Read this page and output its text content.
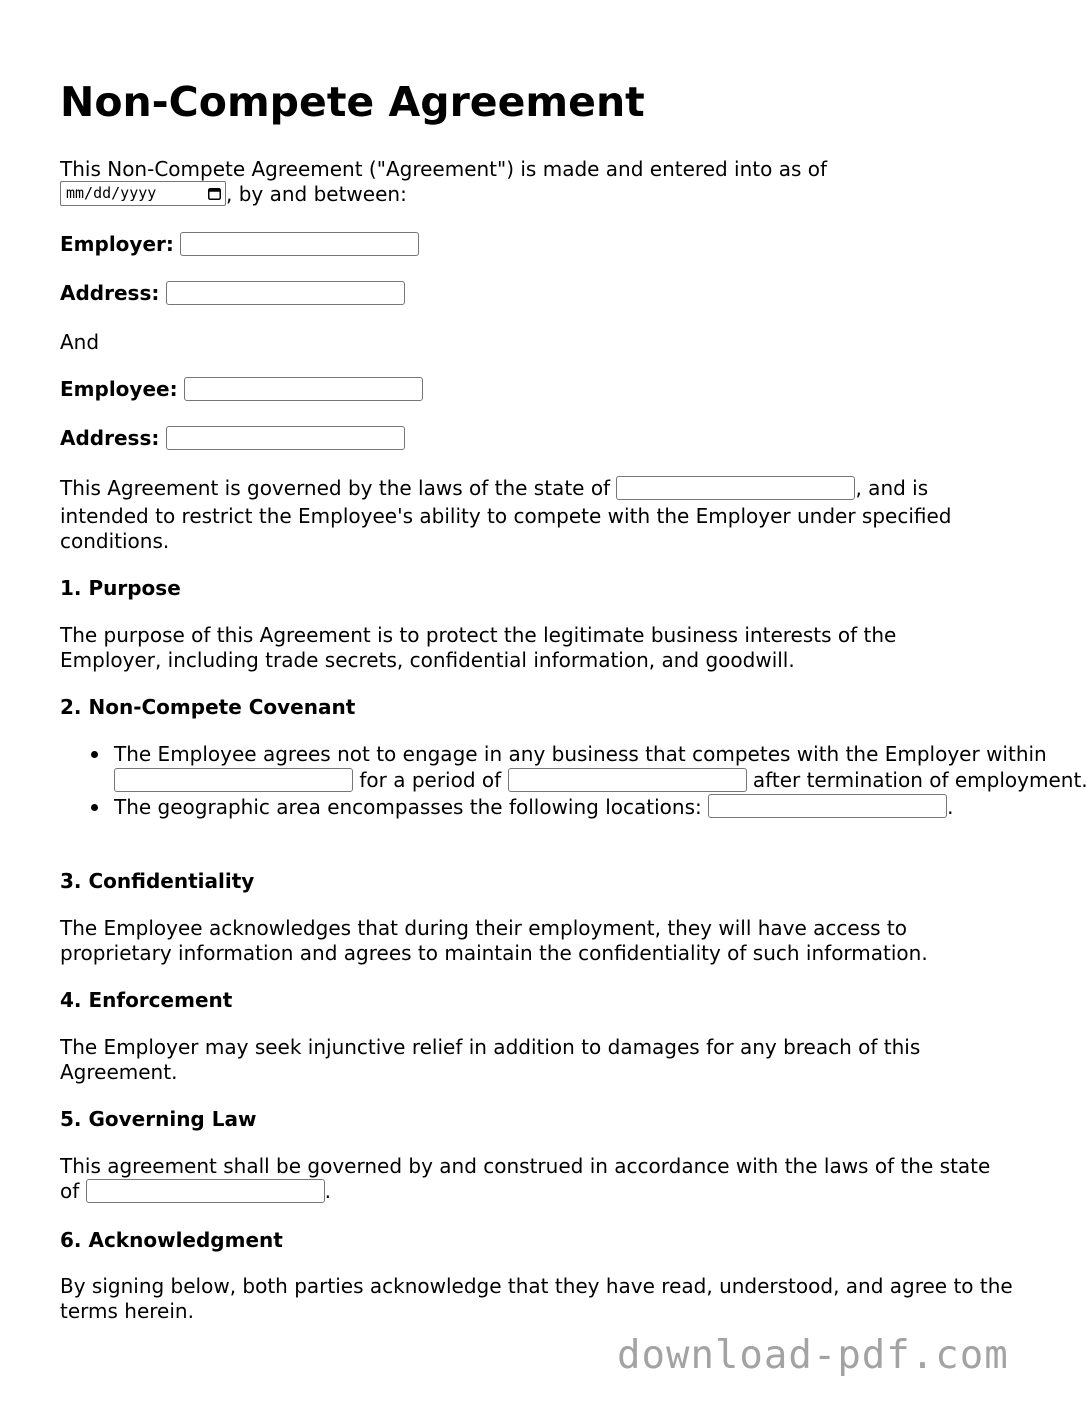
Non-Compete Agreement
This Non-Compete Agreement ("Agreement") is made and entered into as of

mm/dd/yyyy	, by and between:
Employer:
Address:
And
Employee:
Address:
This Agreement is governed by the laws of the state of	, and is
intended to restrict the Employee's ability to compete with the Employer under specified conditions.
1. Purpose
The purpose of this Agreement is to protect the legitimate business interests of the Employer, including trade secrets, confidential information, and goodwill.
2. Non-Compete Covenant
The Employee agrees not to engage in any business that competes with the Employer within  for a period of	after termination of employment.
The geographic area encompasses the following locations:	.
3. Confidentiality
The Employee acknowledges that during their employment, they will have access to proprietary information and agrees to maintain the confidentiality of such information.
4. Enforcement
The Employer may seek injunctive relief in addition to damages for any breach of this Agreement.
5. Governing Law
This agreement shall be governed by and construed in accordance with the laws of the state of	.
6. Acknowledgment
By signing below, both parties acknowledge that they have read, understood, and agree to the terms herein.
download-pdf.com
